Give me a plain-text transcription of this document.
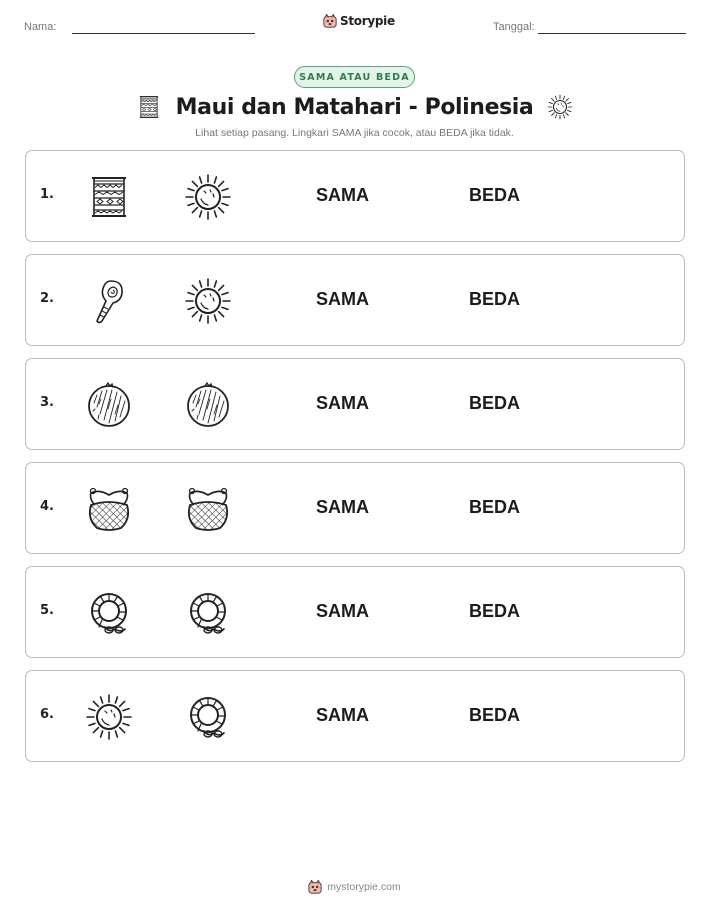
Nama:	Storypie	Tanggal:
SAMA ATAU BEDA
Maui dan Matahari - Polinesia
Lihat setiap pasang. Lingkari SAMA jika cocok, atau BEDA jika tidak.
1.	SAMA	BEDA
2.	SAMA	BEDA
3.	SAMA	BEDA
4.	SAMA	BEDA
5.	SAMA	BEDA
6.	SAMA	BEDA
mystorypie.com
